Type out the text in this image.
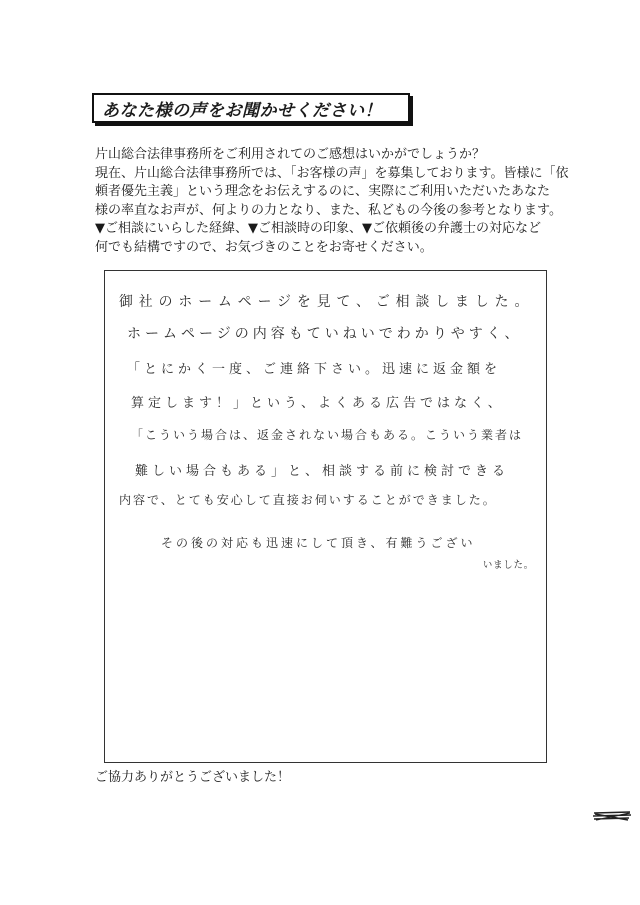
あなた様の声をお聞かせください！
片山総合法律事務所をご利用されてのご感想はいかがでしょうか？
現在、片山総合法律事務所では、「お客様の声」を募集しております。皆様に「依
頼者優先主義」という理念をお伝えするのに、実際にご利用いただいたあなた
様の率直なお声が、何よりの力となり、また、私どもの今後の参考となります。
▼ご相談にいらした経緯、▼ご相談時の印象、▼ご依頼後の弁護士の対応など
何でも結構ですので、お気づきのことをお寄せください。
御社のホームページを見て、ご相談しました。
ホームページの内容もていねいでわかりやすく、
「とにかく一度、ご連絡下さい。迅速に返金額を
算定します！」という、よくある広告ではなく、
「こういう場合は、返金されない場合もある。こういう業者は
難しい場合もある」と、相談する前に検討できる
内容で、とても安心して直接お伺いすることができました。
その後の対応も迅速にして頂き、有難うござい
いました。
ご協力ありがとうございました！
